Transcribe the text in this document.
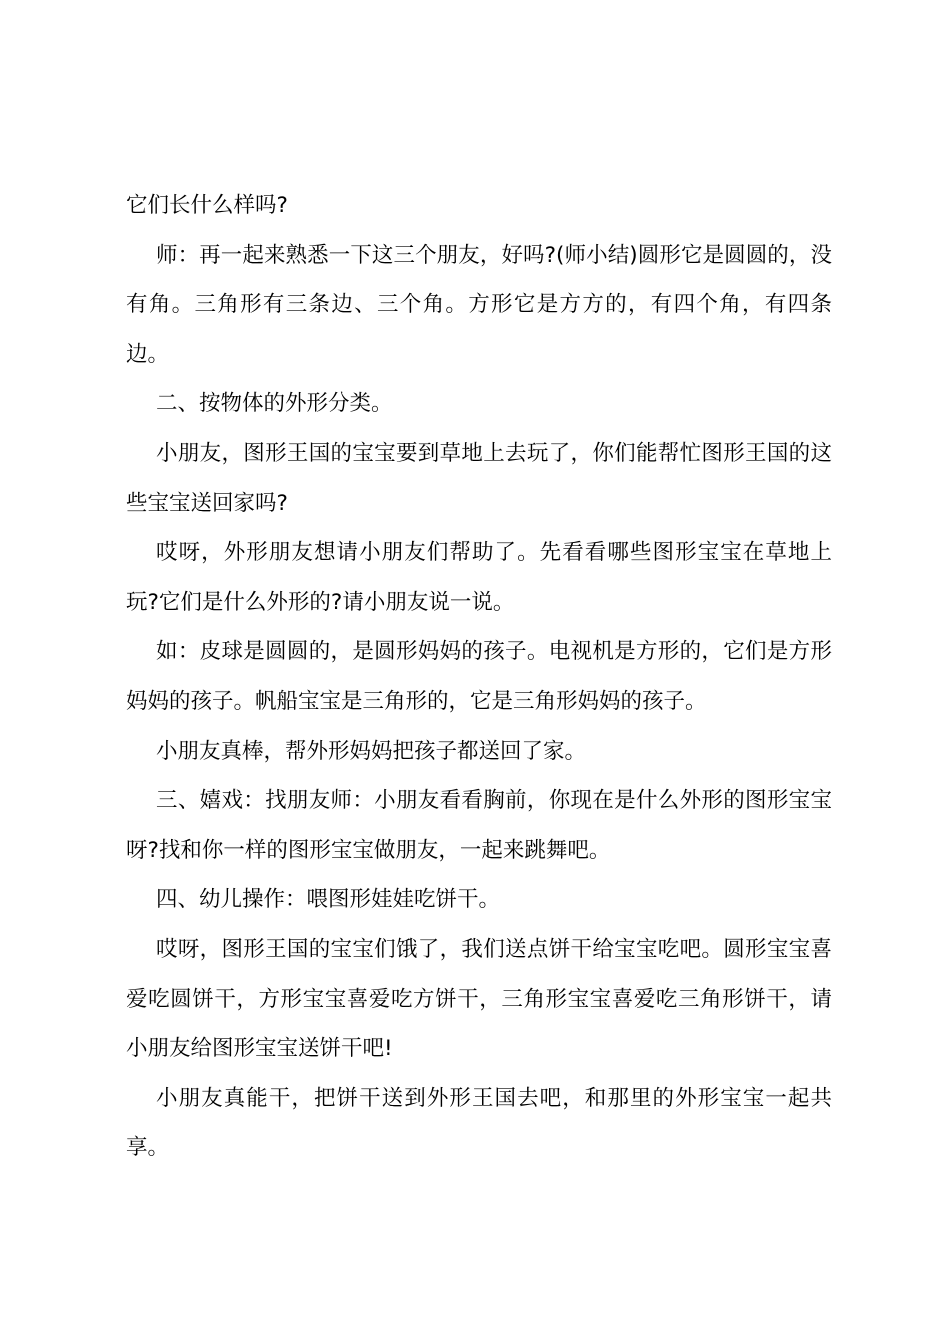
它们长什么样吗?

师：再一起来熟悉一下这三个朋友，好吗?(师小结)圆形它是圆圆的，没有角。三角形有三条边、三个角。方形它是方方的，有四个角，有四条边。

二、按物体的外形分类。

小朋友，图形王国的宝宝要到草地上去玩了，你们能帮忙图形王国的这些宝宝送回家吗?

哎呀，外形朋友想请小朋友们帮助了。先看看哪些图形宝宝在草地上玩?它们是什么外形的?请小朋友说一说。

如：皮球是圆圆的，是圆形妈妈的孩子。电视机是方形的，它们是方形妈妈的孩子。帆船宝宝是三角形的，它是三角形妈妈的孩子。

小朋友真棒，帮外形妈妈把孩子都送回了家。

三、嬉戏：找朋友师：小朋友看看胸前，你现在是什么外形的图形宝宝呀?找和你一样的图形宝宝做朋友，一起来跳舞吧。

四、幼儿操作：喂图形娃娃吃饼干。

哎呀，图形王国的宝宝们饿了，我们送点饼干给宝宝吃吧。圆形宝宝喜爱吃圆饼干，方形宝宝喜爱吃方饼干，三角形宝宝喜爱吃三角形饼干，请小朋友给图形宝宝送饼干吧!

小朋友真能干，把饼干送到外形王国去吧，和那里的外形宝宝一起共享。
